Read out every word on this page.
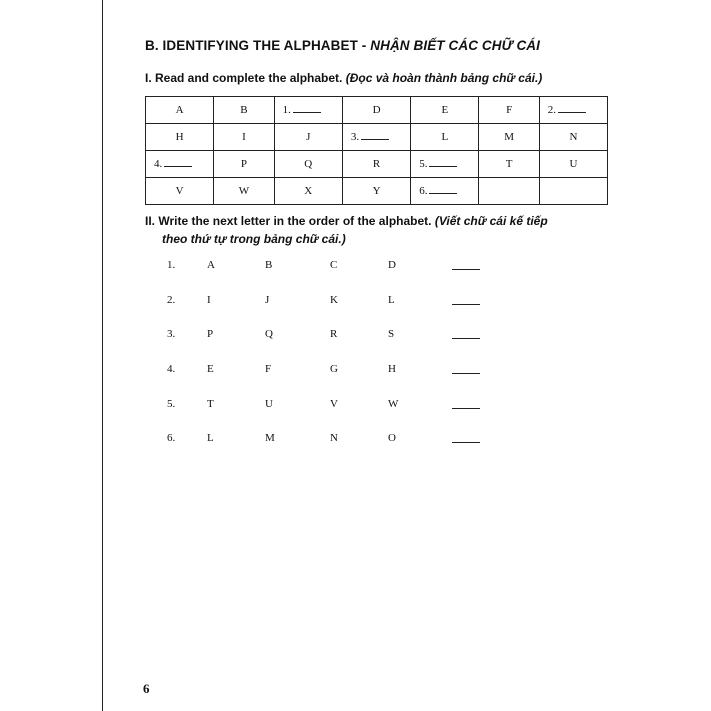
B. IDENTIFYING THE ALPHABET - NHẬN BIẾT CÁC CHỮ CÁI
I. Read and complete the alphabet. (Đọc và hoàn thành bảng chữ cái.)
A	B	1.	D	E	F	2.
H	I	J	3.	L	M	N
4.	P	Q	R	5.	T	U
V	W	X	Y	6.		
II. Write the next letter in the order of the alphabet. (Viết chữ cái kế tiếp
theo thứ tự trong bảng chữ cái.)
1.	A	B	C	D
2.	I	J	K	L
3.	P	Q	R	S
4.	E	F	G	H
5.	T	U	V	W
6.	L	M	N	O
6
